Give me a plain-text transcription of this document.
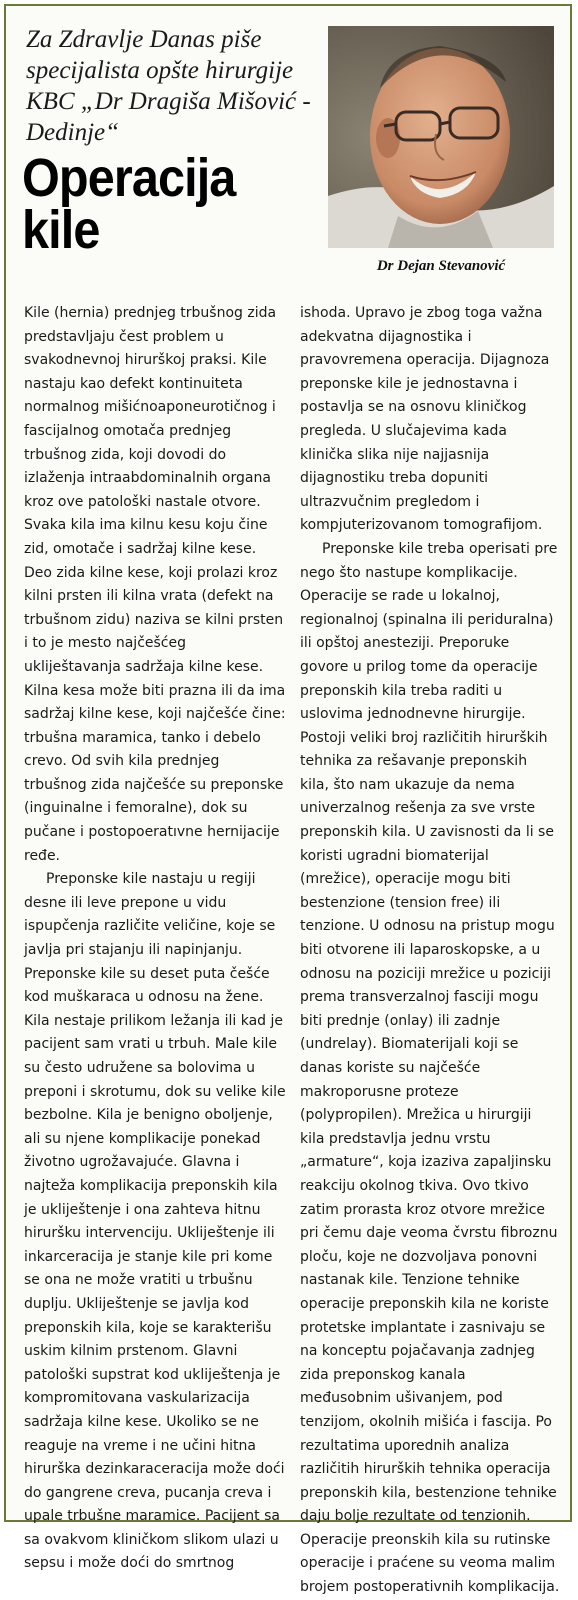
Za Zdravlje Danas piše specijalista opšte hirurgije KBC „Dr Dragiša Mišović - Dedinje“

Operacija kile

Dr Dejan Stevanović

Kile (hernia) prednjeg trbušnog zida predstavljaju čest problem u svakodnevnoj hirurškoj praksi. Kile nastaju kao defekt kontinuiteta normalnog mišićnoaponeurotičnog i fascijalnog omotača prednjeg trbušnog zida, koji dovodi do izlaženja intraabdominalnih organa kroz ove patološki nastale otvore. Svaka kila ima kilnu kesu koju čine zid, omotače i sadržaj kilne kese. Deo zida kilne kese, koji prolazi kroz kilni prsten ili kilna vrata (defekt na trbušnom zidu) naziva se kilni prsten i to je mesto najčešćeg ukliještavanja sadržaja kilne kese. Kilna kesa može biti prazna ili da ima sadržaj kilne kese, koji najčešće čine: trbušna maramica, tanko i debelo crevo. Od svih kila prednjeg trbušnog zida najčešće su preponske (inguinalne i femoralne), dok su pučane i postopoeratıvne hernijacije ređe.

Preponske kile nastaju u regiji desne ili leve prepone u vidu ispupčenja različite veličine, koje se javlja pri stajanju ili napinjanju. Preponske kile su deset puta češće kod muškaraca u odnosu na žene. Kila nestaje prilikom ležanja ili kad je pacijent sam vrati u trbuh. Male kile su često udružene sa bolovima u preponi i skrotumu, dok su velike kile bezbolne. Kila je benigno oboljenje, ali su njene komplikacije ponekad životno ugrožavajuće. Glavna i najteža komplikacija preponskih kila je ukliještenje i ona zahteva hitnu hiruršku intervenciju. Ukliještenje ili inkarceracija je stanje kile pri kome se ona ne može vratiti u trbušnu duplju. Ukliještenje se javlja kod preponskih kila, koje se karakterišu uskim kilnim prstenom. Glavni patološki supstrat kod ukliještenja je kompromitovana vaskularizacija sadržaja kilne kese. Ukoliko se ne reaguje na vreme i ne učini hitna hirurška dezinkaraceracija može doći do gangrene creva, pucanja creva i upale trbušne maramice. Pacijent sa sa ovakvom kliničkom slikom ulazi u sepsu i može doći do smrtnog

ishoda. Upravo je zbog toga važna adekvatna dijagnostika i pravovremena operacija. Dijagnoza preponske kile je jednostavna i postavlja se na osnovu kliničkog pregleda. U slučajevima kada klinička slika nije najjasnija dijagnostiku treba dopuniti ultrazvučnim pregledom i kompjuterizovanom tomografijom.

Preponske kile treba operisati pre nego što nastupe komplikacije. Operacije se rade u lokalnoj, regionalnoj (spinalna ili periduralna) ili opštoj anesteziji. Preporuke govore u prilog tome da operacije preponskih kila treba raditi u uslovima jednodnevne hirurgije. Postoji veliki broj različitih hirurških tehnika za rešavanje preponskih kila, što nam ukazuje da nema univerzalnog rešenja za sve vrste preponskih kila. U zavisnosti da li se koristi ugradni biomaterijal (mrežice), operacije mogu biti bestenzione (tension free) ili tenzione. U odnosu na pristup mogu biti otvorene ili laparoskopske, a u odnosu na poziciji mrežice u poziciji prema transverzalnoj fasciji mogu biti prednje (onlay) ili zadnje (undrelay). Biomaterijali koji se danas koriste su najčešće makroporusne proteze (polypropilen). Mrežica u hirurgiji kila predstavlja jednu vrstu „armature“, koja izaziva zapaljinsku reakciju okolnog tkiva. Ovo tkivo zatim prorasta kroz otvore mrežice pri čemu daje veoma čvrstu fibroznu ploču, koje ne dozvoljava ponovni nastanak kile. Tenzione tehnike operacije preponskih kila ne koriste protetske implantate i zasnivaju se na konceptu pojačavanja zadnjeg zida preponskog kanala međusobnim ušivanjem, pod tenzijom, okolnih mišića i fascija. Po rezultatima uporednih analiza različitih hirurških tehnika operacija preponskih kila, bestenzione tehnike daju bolje rezultate od tenzionih. Operacije preonskih kila su rutinske operacije i praćene su veoma malim brojem postoperativnih komplikacija.
